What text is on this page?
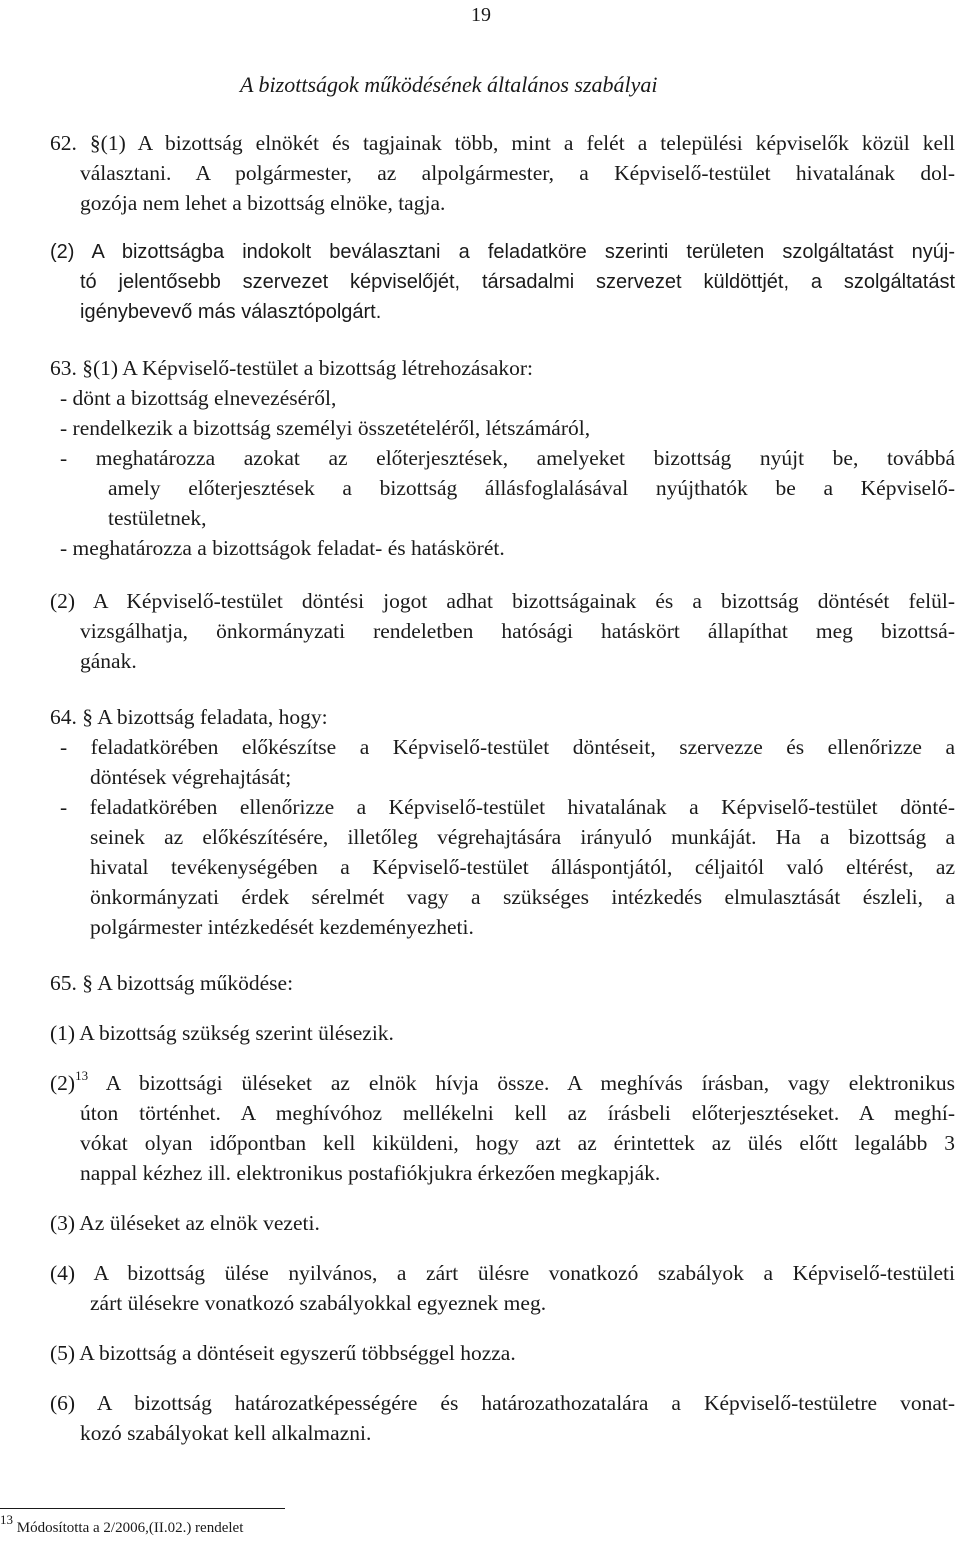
19
A bizottságok működésének általános szabályai
62. §(1) A bizottság elnökét és tagjainak több, mint a felét a települési képviselők közül kell
választani. A polgármester, az alpolgármester, a Képviselő-testület hivatalának dol-
gozója nem lehet a bizottság elnöke, tagja.
(2) A bizottságba indokolt beválasztani a feladatköre szerinti területen szolgáltatást nyúj-
tó jelentősebb szervezet képviselőjét, társadalmi szervezet küldöttjét, a szolgáltatást
igénybevevő más választópolgárt.
63. §(1) A Képviselő-testület a bizottság létrehozásakor:
- dönt a bizottság elnevezéséről,
- rendelkezik a bizottság személyi összetételéről, létszámáról,
- meghatározza azokat az előterjesztések, amelyeket bizottság nyújt be, továbbá
amely előterjesztések a bizottság állásfoglalásával nyújthatók be a Képviselő-
testületnek,
- meghatározza a bizottságok feladat- és hatáskörét.
(2) A Képviselő-testület döntési jogot adhat bizottságainak és a bizottság döntését felül-
vizsgálhatja, önkormányzati rendeletben hatósági hatáskört állapíthat meg bizottsá-
gának.
64. § A bizottság feladata, hogy:
- feladatkörében előkészítse a Képviselő-testület döntéseit, szervezze és ellenőrizze a
döntések végrehajtását;
- feladatkörében ellenőrizze a Képviselő-testület hivatalának a Képviselő-testület dönté-
seinek az előkészítésére, illetőleg végrehajtására irányuló munkáját. Ha a bizottság a
hivatal tevékenységében a Képviselő-testület álláspontjától, céljaitól való eltérést, az
önkormányzati érdek sérelmét vagy a szükséges intézkedés elmulasztását észleli, a
polgármester intézkedését kezdeményezheti.
65. § A bizottság működése:
(1) A bizottság szükség szerint ülésezik.
$(2)^{13}$ A bizottsági üléseket az elnök hívja össze. A meghívás írásban, vagy elektronikus
úton történhet. A meghívóhoz mellékelni kell az írásbeli előterjesztéseket. A meghí-
vókat olyan időpontban kell kiküldeni, hogy azt az érintettek az ülés előtt legalább 3
nappal kézhez ill. elektronikus postafiókjukra érkezően megkapják.
(3) Az üléseket az elnök vezeti.
(4) A bizottság ülése nyilvános, a zárt ülésre vonatkozó szabályok a Képviselő-testületi
zárt ülésekre vonatkozó szabályokkal egyeznek meg.
(5) A bizottság a döntéseit egyszerű többséggel hozza.
(6) A bizottság határozatképességére és határozathozatalára a Képviselő-testületre vonat-
kozó szabályokat kell alkalmazni.
$^{13}$ Módosította a 2/2006,(II.02.) rendelet
